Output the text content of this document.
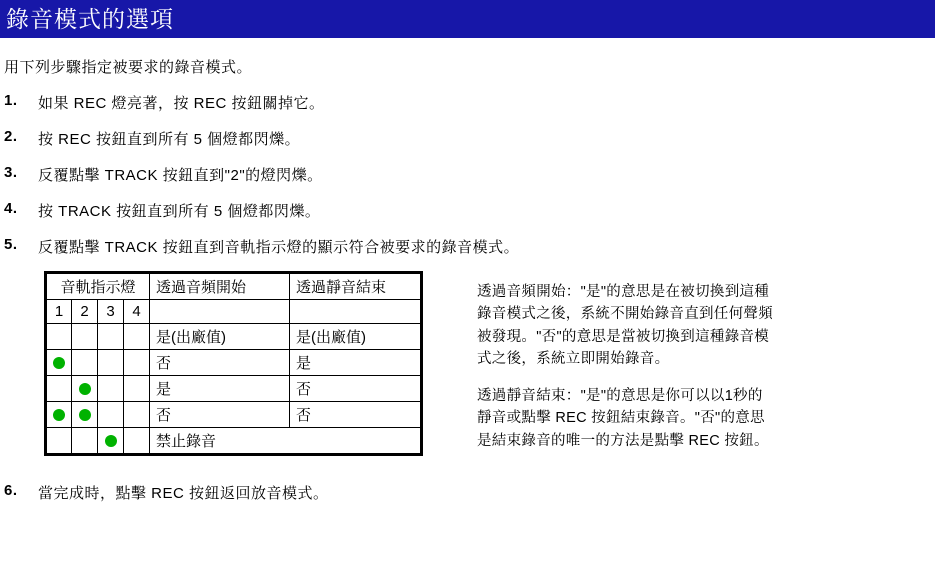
錄音模式的選項
用下列步驟指定被要求的錄音模式。
1.	如果 REC 燈亮著，按 REC 按鈕關掉它。
2.	按 REC 按鈕直到所有 5 個燈都閃爍。
3.	反覆點擊 TRACK 按鈕直到"2"的燈閃爍。
4.	按 TRACK 按鈕直到所有 5 個燈都閃爍。
5.	反覆點擊 TRACK 按鈕直到音軌指示燈的顯示符合被要求的錄音模式。
音軌指示燈				透過音頻開始	透過靜音結束
1	2	3	4		
				是(出廠值)	是(出廠值)
				否	是
				是	否
				否	否
				禁止錄音	

透過音頻開始："是"的意思是在被切換到這種錄音模式之後，系統不開始錄音直到任何聲頻被發現。"否"的意思是當被切換到這種錄音模式之後，系統立即開始錄音。

透過靜音結束："是"的意思是你可以以1秒的靜音或點擊 REC 按鈕結束錄音。"否"的意思是結束錄音的唯一的方法是點擊 REC 按鈕。

6.	當完成時，點擊 REC 按鈕返回放音模式。
